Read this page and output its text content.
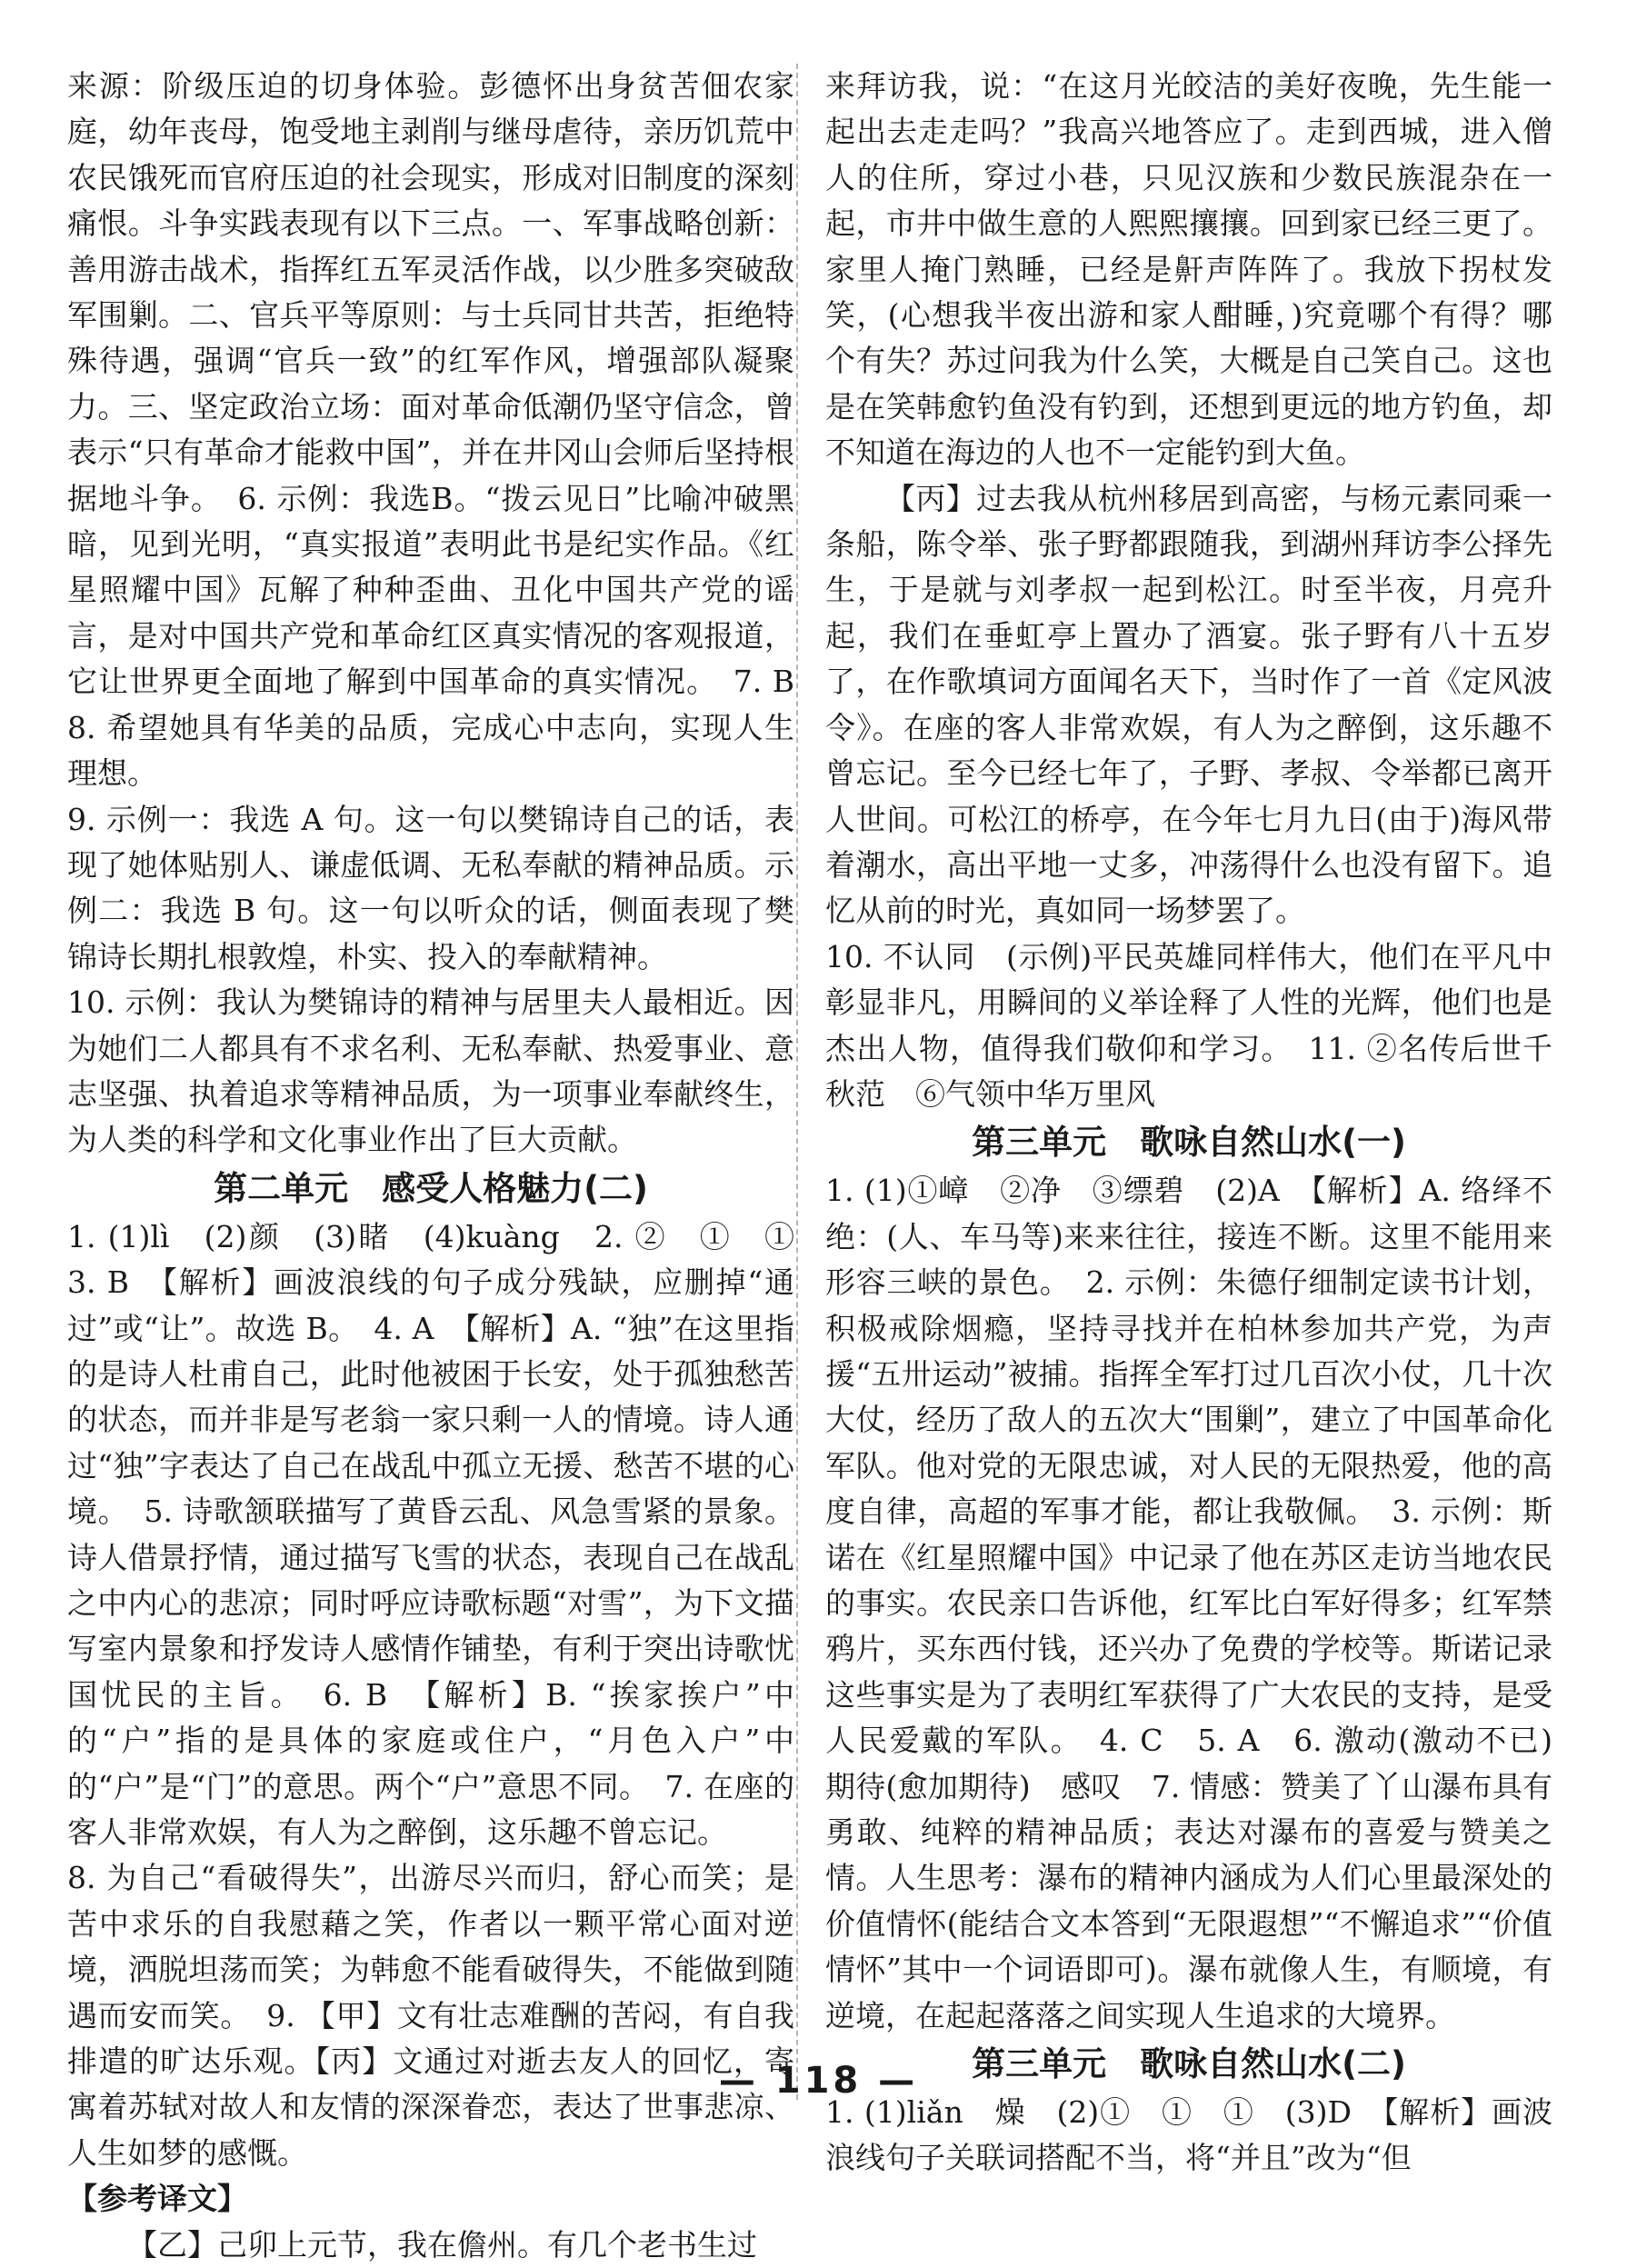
来源：阶级压迫的切身体验。彭德怀出身贫苦佃农家庭，幼年丧母，饱受地主剥削与继母虐待，亲历饥荒中农民饿死而官府压迫的社会现实，形成对旧制度的深刻痛恨。斗争实践表现有以下三点。一、军事战略创新：善用游击战术，指挥红五军灵活作战，以少胜多突破敌军围剿。二、官兵平等原则：与士兵同甘共苦，拒绝特殊待遇，强调“官兵一致”的红军作风，增强部队凝聚力。三、坚定政治立场：面对革命低潮仍坚守信念，曾表示“只有革命才能救中国”，并在井冈山会师后坚持根据地斗争。　6. 示例：我选B。“拨云见日”比喻冲破黑暗，见到光明，“真实报道”表明此书是纪实作品。《红星照耀中国》瓦解了种种歪曲、丑化中国共产党的谣言，是对中国共产党和革命红区真实情况的客观报道，它让世界更全面地了解到中国革命的真实情况。　7. B　8. 希望她具有华美的品质，完成心中志向，实现人生理想。

9. 示例一：我选 A 句。这一句以樊锦诗自己的话，表现了她体贴别人、谦虚低调、无私奉献的精神品质。示例二：我选 B 句。这一句以听众的话，侧面表现了樊锦诗长期扎根敦煌，朴实、投入的奉献精神。

10. 示例：我认为樊锦诗的精神与居里夫人最相近。因为她们二人都具有不求名利、无私奉献、热爱事业、意志坚强、执着追求等精神品质，为一项事业奉献终生，为人类的科学和文化事业作出了巨大贡献。

第二单元　感受人格魅力(二)

1. (1)lì　(2)颜　(3)睹　(4)kuàng　2. ②　①　①　3. B　【解析】画波浪线的句子成分残缺，应删掉“通过”或“让”。故选 B。　4. A　【解析】A. “独”在这里指的是诗人杜甫自己，此时他被困于长安，处于孤独愁苦的状态，而并非是写老翁一家只剩一人的情境。诗人通过“独”字表达了自己在战乱中孤立无援、愁苦不堪的心境。　5. 诗歌颔联描写了黄昏云乱、风急雪紧的景象。诗人借景抒情，通过描写飞雪的状态，表现自己在战乱之中内心的悲凉；同时呼应诗歌标题“对雪”，为下文描写室内景象和抒发诗人感情作铺垫，有利于突出诗歌忧国忧民的主旨。　6. B　【解析】B. “挨家挨户”中的“户”指的是具体的家庭或住户，“月色入户”中的“户”是“门”的意思。两个“户”意思不同。　7. 在座的客人非常欢娱，有人为之醉倒，这乐趣不曾忘记。

8. 为自己“看破得失”，出游尽兴而归，舒心而笑；是苦中求乐的自我慰藉之笑，作者以一颗平常心面对逆境，洒脱坦荡而笑；为韩愈不能看破得失，不能做到随遇而安而笑。　9. 【甲】文有壮志难酬的苦闷，有自我排遣的旷达乐观。【丙】文通过对逝去友人的回忆，寄寓着苏轼对故人和友情的深深眷恋，表达了世事悲凉、人生如梦的感慨。

【参考译文】

【乙】己卯上元节，我在儋州。有几个老书生过

来拜访我，说：“在这月光皎洁的美好夜晚，先生能一起出去走走吗？”我高兴地答应了。走到西城，进入僧人的住所，穿过小巷，只见汉族和少数民族混杂在一起，市井中做生意的人熙熙攘攘。回到家已经三更了。家里人掩门熟睡，已经是鼾声阵阵了。我放下拐杖发笑，(心想我半夜出游和家人酣睡，)究竟哪个有得？哪个有失？苏过问我为什么笑，大概是自己笑自己。这也是在笑韩愈钓鱼没有钓到，还想到更远的地方钓鱼，却不知道在海边的人也不一定能钓到大鱼。

【丙】过去我从杭州移居到高密，与杨元素同乘一条船，陈令举、张子野都跟随我，到湖州拜访李公择先生，于是就与刘孝叔一起到松江。时至半夜，月亮升起，我们在垂虹亭上置办了酒宴。张子野有八十五岁了，在作歌填词方面闻名天下，当时作了一首《定风波令》。在座的客人非常欢娱，有人为之醉倒，这乐趣不曾忘记。至今已经七年了，子野、孝叔、令举都已离开人世间。可松江的桥亭，在今年七月九日(由于)海风带着潮水，高出平地一丈多，冲荡得什么也没有留下。追忆从前的时光，真如同一场梦罢了。

10. 不认同　(示例)平民英雄同样伟大，他们在平凡中彰显非凡，用瞬间的义举诠释了人性的光辉，他们也是杰出人物，值得我们敬仰和学习。　11. ②名传后世千秋范　⑥气领中华万里风

第三单元　歌咏自然山水(一)

1. (1)①嶂　②净　③缥碧　(2)A　【解析】A. 络绎不绝：(人、车马等)来来往往，接连不断。这里不能用来形容三峡的景色。　2. 示例：朱德仔细制定读书计划，积极戒除烟瘾，坚持寻找并在柏林参加共产党，为声援“五卅运动”被捕。指挥全军打过几百次小仗，几十次大仗，经历了敌人的五次大“围剿”，建立了中国革命化军队。他对党的无限忠诚，对人民的无限热爱，他的高度自律，高超的军事才能，都让我敬佩。　3. 示例：斯诺在《红星照耀中国》中记录了他在苏区走访当地农民的事实。农民亲口告诉他，红军比白军好得多；红军禁鸦片，买东西付钱，还兴办了免费的学校等。斯诺记录这些事实是为了表明红军获得了广大农民的支持，是受人民爱戴的军队。　4. C　5. A　6. 激动(激动不已)　期待(愈加期待)　感叹　7. 情感：赞美了丫山瀑布具有勇敢、纯粹的精神品质；表达对瀑布的喜爱与赞美之情。人生思考：瀑布的精神内涵成为人们心里最深处的价值情怀(能结合文本答到“无限遐想”“不懈追求”“价值情怀”其中一个词语即可)。瀑布就像人生，有顺境，有逆境，在起起落落之间实现人生追求的大境界。

第三单元　歌咏自然山水(二)

1. (1)liǎn　燥　(2)①　①　①　(3)D　【解析】画波浪线句子关联词搭配不当，将“并且”改为“但

— 118 —
